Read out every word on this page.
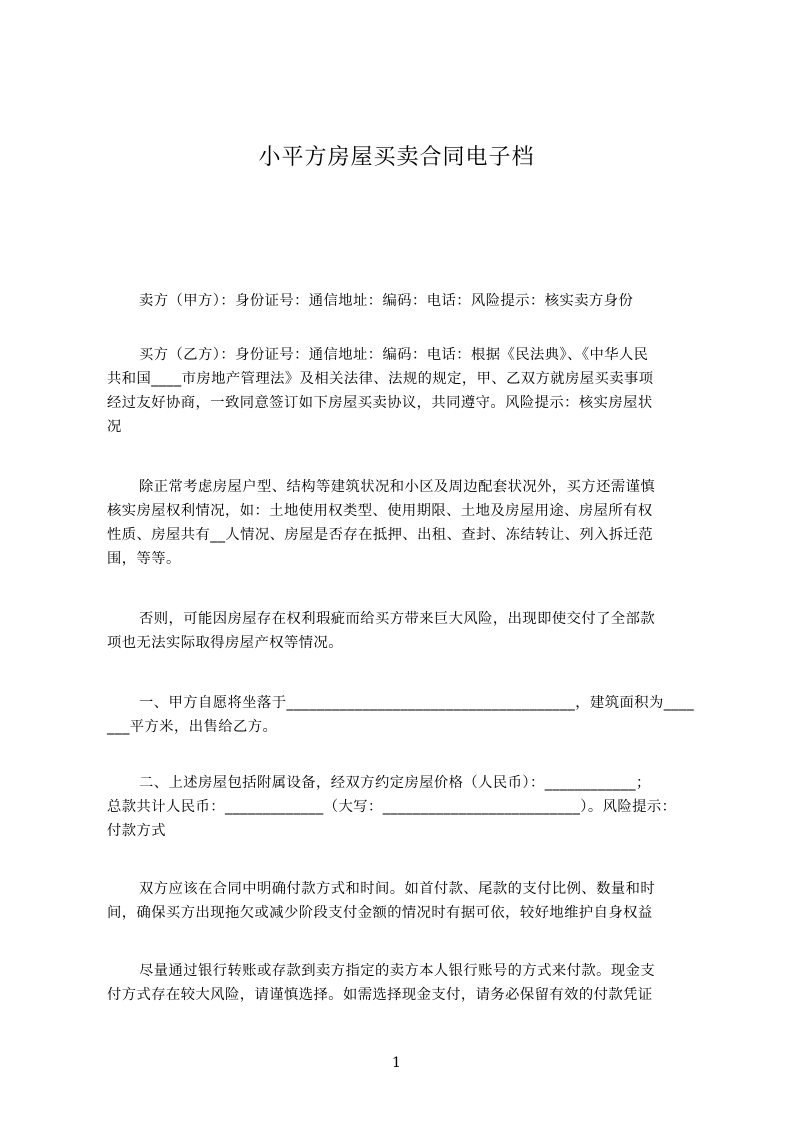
小平方房屋买卖合同电子档
卖方（甲方）：身份证号：通信地址：编码：电话：风险提示：核实卖方身份
买方（乙方）：身份证号：通信地址：编码：电话：根据《民法典》、《中华人民
共和国____市房地产管理法》及相关法律、法规的规定，甲、乙双方就房屋买卖事项
经过友好协商，一致同意签订如下房屋买卖协议，共同遵守。风险提示：核实房屋状
况
除正常考虑房屋户型、结构等建筑状况和小区及周边配套状况外，买方还需谨慎
核实房屋权利情况，如：土地使用权类型、使用期限、土地及房屋用途、房屋所有权
性质、房屋共有__人情况、房屋是否存在抵押、出租、查封、冻结转让、列入拆迁范
围，等等。
否则，可能因房屋存在权利瑕疵而给买方带来巨大风险，出现即使交付了全部款
项也无法实际取得房屋产权等情况。
一、甲方自愿将坐落于______________________________________，建筑面积为____
___平方米，出售给乙方。
二、上述房屋包括附属设备，经双方约定房屋价格（人民币）：____________；
总款共计人民币：_____________（大写：__________________________）。风险提示：
付款方式
双方应该在合同中明确付款方式和时间。如首付款、尾款的支付比例、数量和时
间，确保买方出现拖欠或减少阶段支付金额的情况时有据可依，较好地维护自身权益
尽量通过银行转账或存款到卖方指定的卖方本人银行账号的方式来付款。现金支
付方式存在较大风险，请谨慎选择。如需选择现金支付，请务必保留有效的付款凭证
1
